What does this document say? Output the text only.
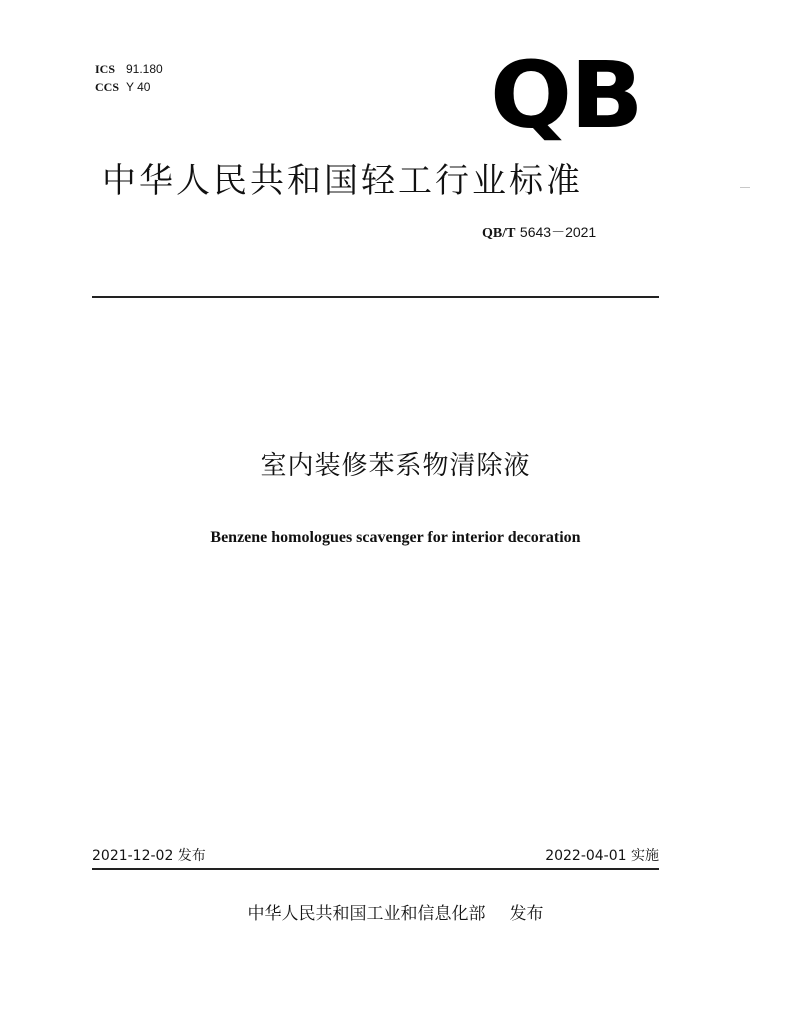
ICS 91.180
CCS Y 40	QB
中华人民共和国轻工行业标准
QB/T 5643－2021
室内装修苯系物清除液
Benzene homologues scavenger for interior decoration
2021-12-02 发布	2022-04-01 实施
中华人民共和国工业和信息化部 发布
